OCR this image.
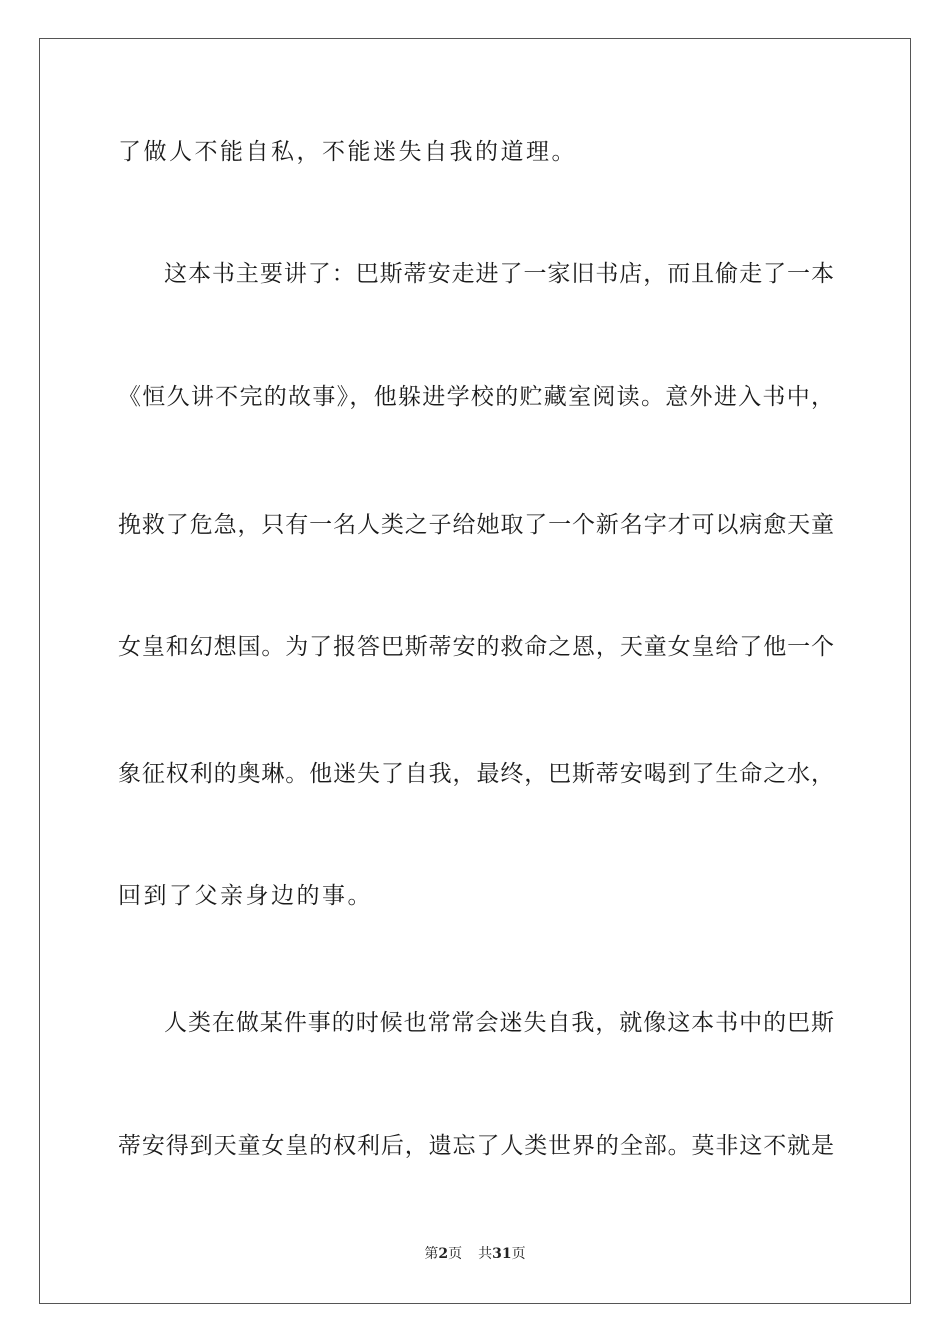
了做人不能自私，不能迷失自我的道理。
这本书主要讲了：巴斯蒂安走进了一家旧书店，而且偷走了一本
《恒久讲不完的故事》，他躲进学校的贮藏室阅读。意外进入书中，
挽救了危急，只有一名人类之子给她取了一个新名字才可以病愈天童
女皇和幻想国。为了报答巴斯蒂安的救命之恩，天童女皇给了他一个
象征权利的奥琳。他迷失了自我，最终，巴斯蒂安喝到了生命之水，
回到了父亲身边的事。
人类在做某件事的时候也常常会迷失自我，就像这本书中的巴斯
蒂安得到天童女皇的权利后，遗忘了人类世界的全部。莫非这不就是
第2页 共31页
